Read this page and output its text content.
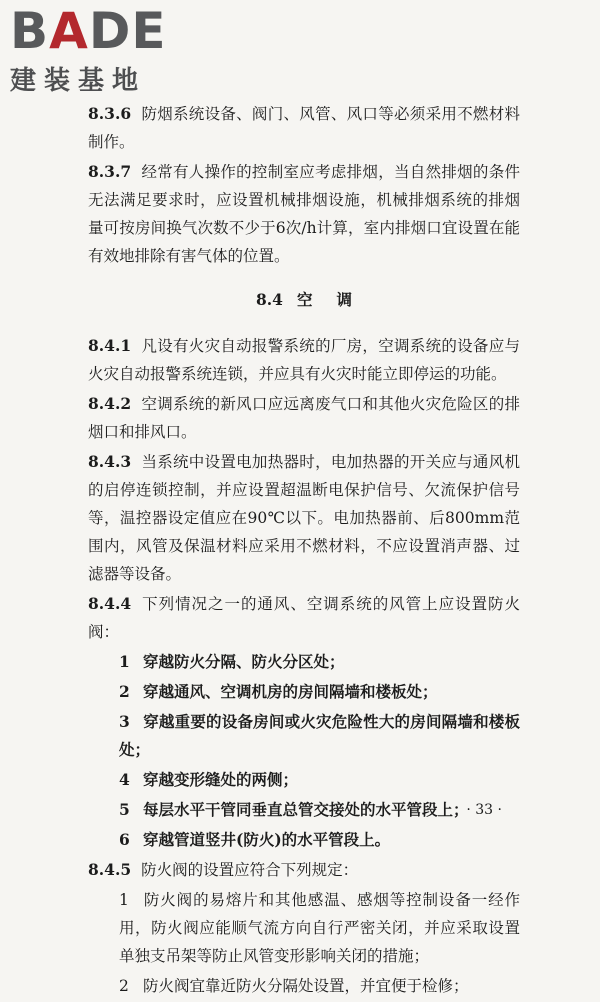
BADE
建装基地

8.3.6 防烟系统设备、阀门、风管、风口等必须采用不燃材料制作。

8.3.7 经常有人操作的控制室应考虑排烟，当自然排烟的条件无法满足要求时，应设置机械排烟设施，机械排烟系统的排烟量可按房间换气次数不少于6次/h计算，室内排烟口宜设置在能有效地排除有害气体的位置。

8.4 空 调

8.4.1 凡设有火灾自动报警系统的厂房，空调系统的设备应与火灾自动报警系统连锁，并应具有火灾时能立即停运的功能。

8.4.2 空调系统的新风口应远离废气口和其他火灾危险区的排烟口和排风口。

8.4.3 当系统中设置电加热器时，电加热器的开关应与通风机的启停连锁控制，并应设置超温断电保护信号、欠流保护信号等，温控器设定值应在90℃以下。电加热器前、后800mm范围内，风管及保温材料应采用不燃材料，不应设置消声器、过滤器等设备。

8.4.4 下列情况之一的通风、空调系统的风管上应设置防火阀：

1 穿越防火分隔、防火分区处；

2 穿越通风、空调机房的房间隔墙和楼板处；

3 穿越重要的设备房间或火灾危险性大的房间隔墙和楼板处；

4 穿越变形缝处的两侧；

5 每层水平干管同垂直总管交接处的水平管段上；

6 穿越管道竖井(防火)的水平管段上。

8.4.5 防火阀的设置应符合下列规定：

1 防火阀的易熔片和其他感温、感烟等控制设备一经作用，防火阀应能顺气流方向自行严密关闭，并应采取设置单独支吊架等防止风管变形影响关闭的措施；

2 防火阀宜靠近防火分隔处设置，并宜便于检修；

· 33 ·
